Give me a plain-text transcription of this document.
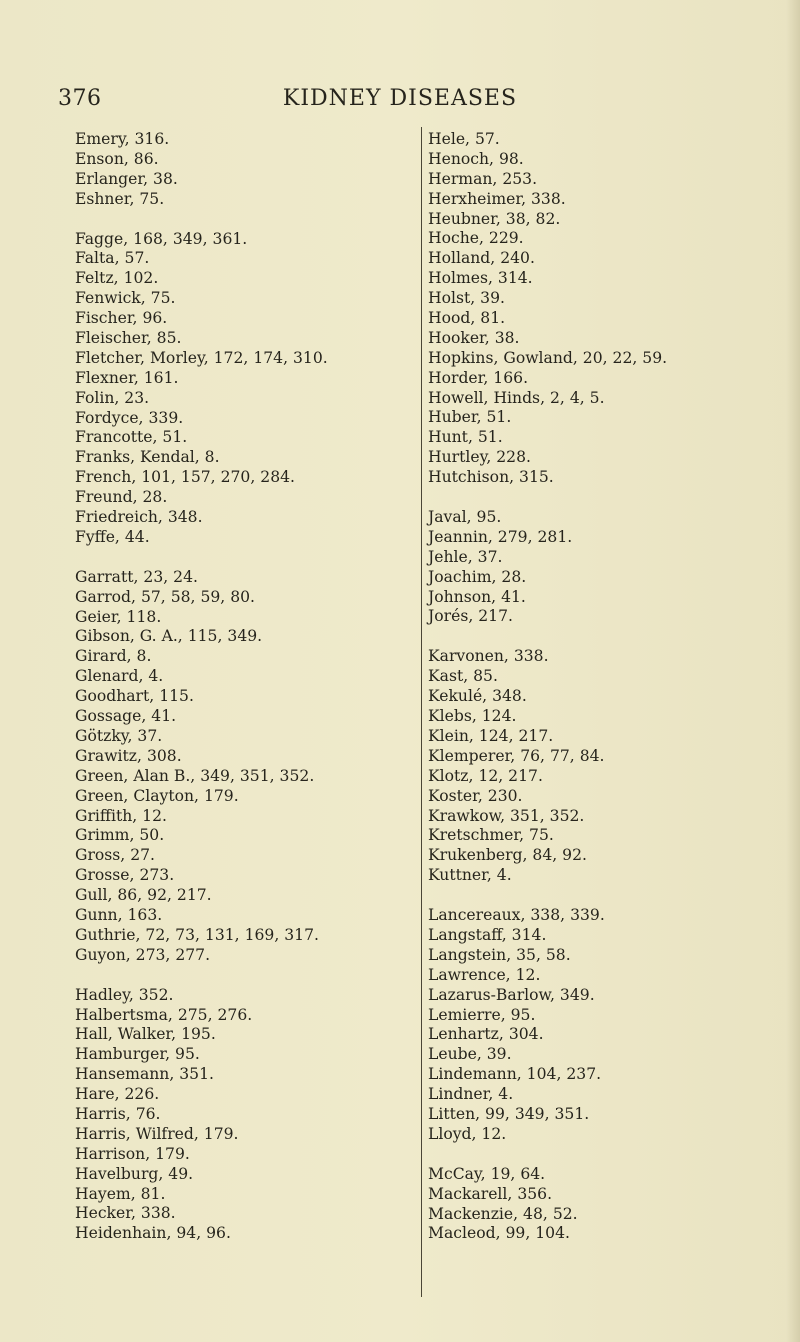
376	KIDNEY DISEASES
Emery, 316.
Enson, 86.
Erlanger, 38.
Eshner, 75.
Fagge, 168, 349, 361.
Falta, 57.
Feltz, 102.
Fenwick, 75.
Fischer, 96.
Fleischer, 85.
Fletcher, Morley, 172, 174, 310.
Flexner, 161.
Folin, 23.
Fordyce, 339.
Francotte, 51.
Franks, Kendal, 8.
French, 101, 157, 270, 284.
Freund, 28.
Friedreich, 348.
Fyffe, 44.
Garratt, 23, 24.
Garrod, 57, 58, 59, 80.
Geier, 118.
Gibson, G. A., 115, 349.
Girard, 8.
Glenard, 4.
Goodhart, 115.
Gossage, 41.
Götzky, 37.
Grawitz, 308.
Green, Alan B., 349, 351, 352.
Green, Clayton, 179.
Griffith, 12.
Grimm, 50.
Gross, 27.
Grosse, 273.
Gull, 86, 92, 217.
Gunn, 163.
Guthrie, 72, 73, 131, 169, 317.
Guyon, 273, 277.
Hadley, 352.
Halbertsma, 275, 276.
Hall, Walker, 195.
Hamburger, 95.
Hansemann, 351.
Hare, 226.
Harris, 76.
Harris, Wilfred, 179.
Harrison, 179.
Havelburg, 49.
Hayem, 81.
Hecker, 338.
Heidenhain, 94, 96.
Hele, 57.
Henoch, 98.
Herman, 253.
Herxheimer, 338.
Heubner, 38, 82.
Hoche, 229.
Holland, 240.
Holmes, 314.
Holst, 39.
Hood, 81.
Hooker, 38.
Hopkins, Gowland, 20, 22, 59.
Horder, 166.
Howell, Hinds, 2, 4, 5.
Huber, 51.
Hunt, 51.
Hurtley, 228.
Hutchison, 315.
Javal, 95.
Jeannin, 279, 281.
Jehle, 37.
Joachim, 28.
Johnson, 41.
Jorés, 217.
Karvonen, 338.
Kast, 85.
Kekulé, 348.
Klebs, 124.
Klein, 124, 217.
Klemperer, 76, 77, 84.
Klotz, 12, 217.
Koster, 230.
Krawkow, 351, 352.
Kretschmer, 75.
Krukenberg, 84, 92.
Kuttner, 4.
Lancereaux, 338, 339.
Langstaff, 314.
Langstein, 35, 58.
Lawrence, 12.
Lazarus-Barlow, 349.
Lemierre, 95.
Lenhartz, 304.
Leube, 39.
Lindemann, 104, 237.
Lindner, 4.
Litten, 99, 349, 351.
Lloyd, 12.
McCay, 19, 64.
Mackarell, 356.
Mackenzie, 48, 52.
Macleod, 99, 104.
